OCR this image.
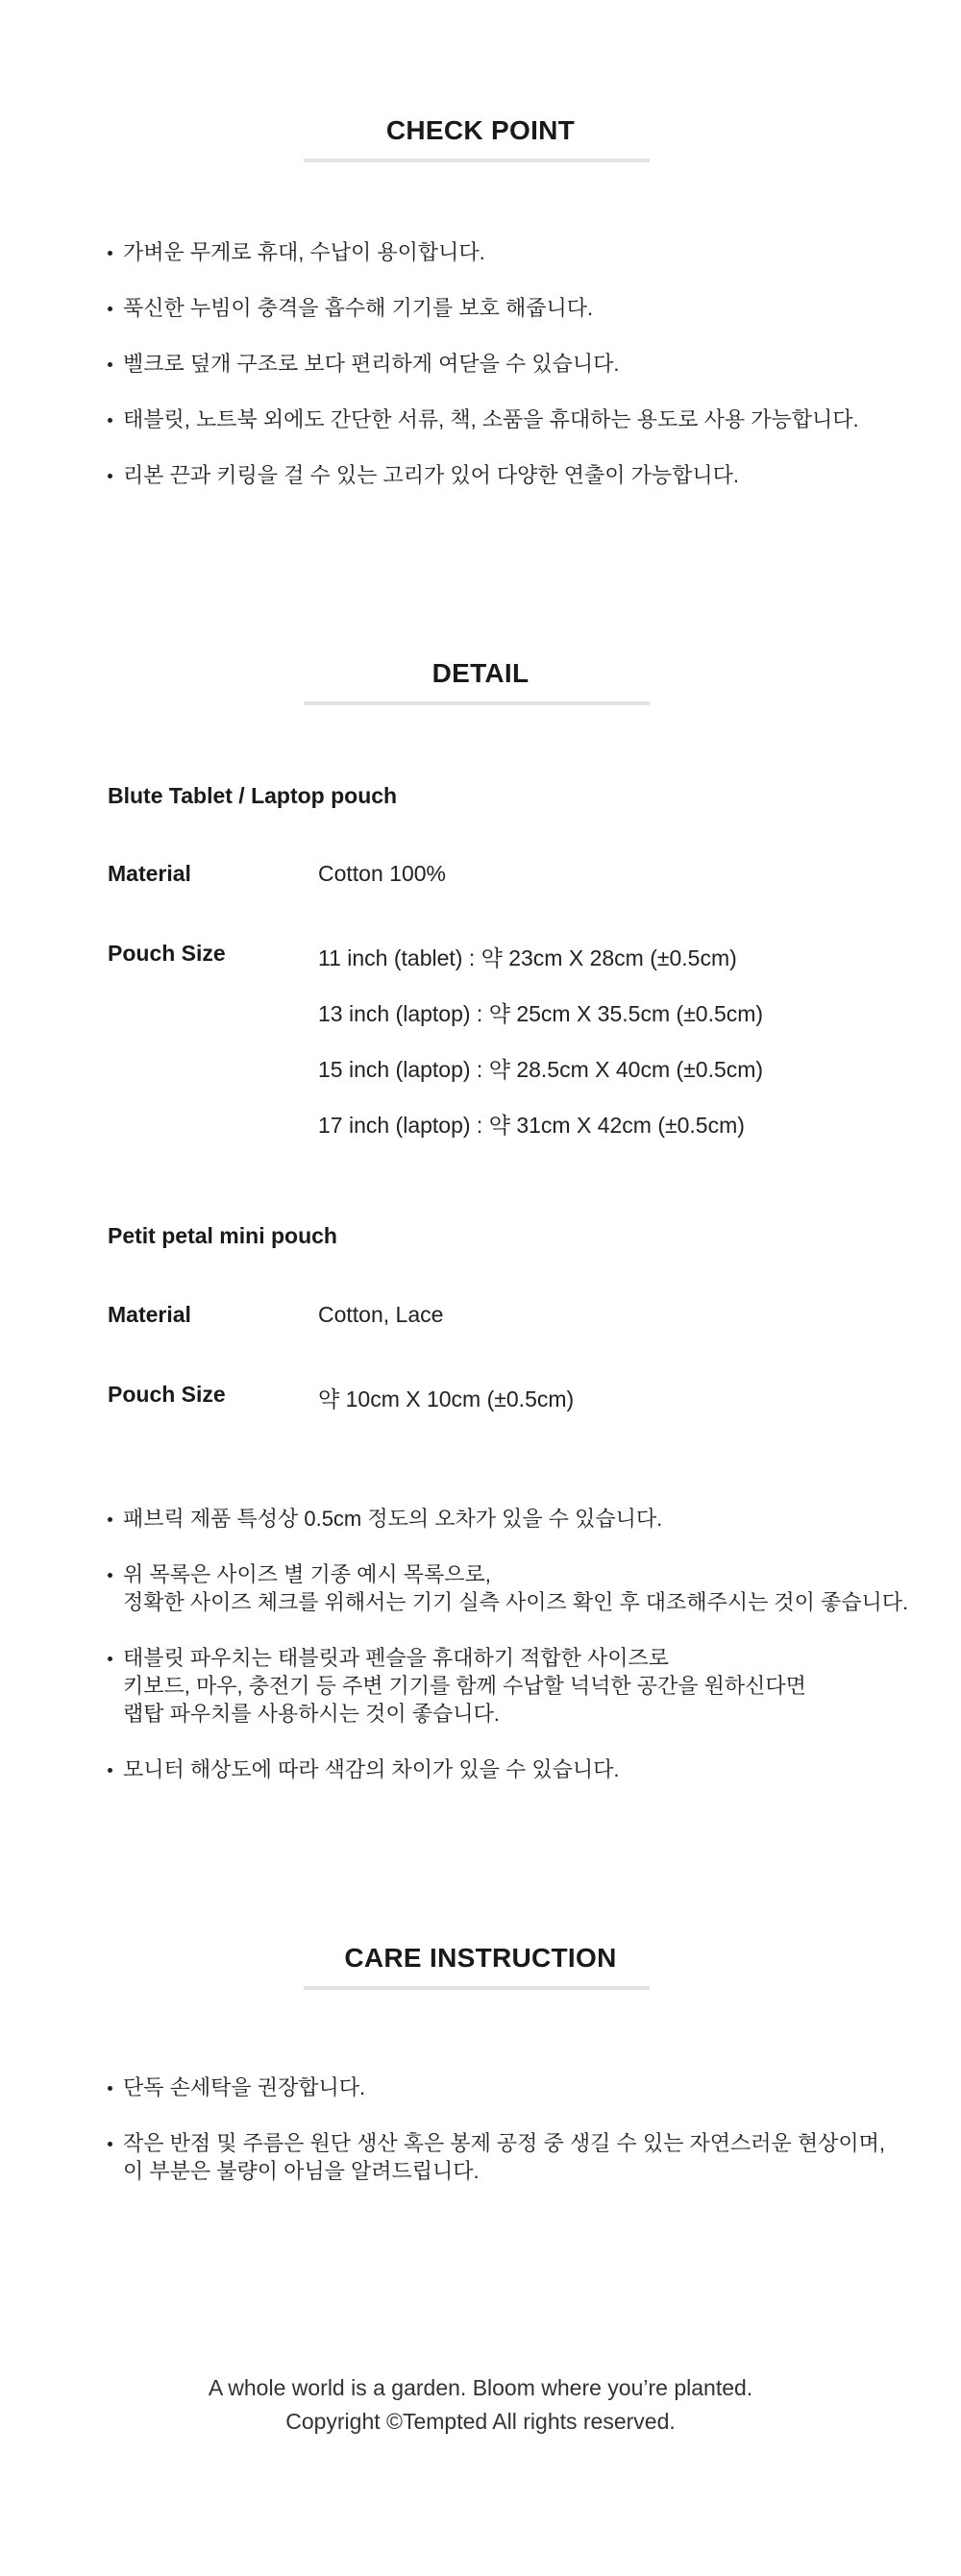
CHECK POINT
가벼운 무게로 휴대, 수납이 용이합니다.
푹신한 누빔이 충격을 흡수해 기기를 보호 해줍니다.
벨크로 덮개 구조로 보다 편리하게 여닫을 수 있습니다.
태블릿, 노트북 외에도 간단한 서류, 책, 소품을 휴대하는 용도로 사용 가능합니다.
리본 끈과 키링을 걸 수 있는 고리가 있어 다양한 연출이 가능합니다.
DETAIL
Blute Tablet / Laptop pouch
Material	Cotton 100%
Pouch Size	11 inch (tablet) : 약 23cm X 28cm (±0.5cm)
13 inch (laptop) : 약 25cm X 35.5cm (±0.5cm)
15 inch (laptop) : 약 28.5cm X 40cm (±0.5cm)
17 inch (laptop) : 약 31cm X 42cm (±0.5cm)
Petit petal mini pouch
Material	Cotton, Lace
Pouch Size	약 10cm X 10cm (±0.5cm)
패브릭 제품 특성상 0.5cm 정도의 오차가 있을 수 있습니다.
위 목록은 사이즈 별 기종 예시 목록으로,
정확한 사이즈 체크를 위해서는 기기 실측 사이즈 확인 후 대조해주시는 것이 좋습니다.
태블릿 파우치는 태블릿과 펜슬을 휴대하기 적합한 사이즈로
키보드, 마우, 충전기 등 주변 기기를 함께 수납할 넉넉한 공간을 원하신다면
랩탑 파우치를 사용하시는 것이 좋습니다.
모니터 해상도에 따라 색감의 차이가 있을 수 있습니다.
CARE INSTRUCTION
단독 손세탁을 권장합니다.
작은 반점 및 주름은 원단 생산 혹은 봉제 공정 중 생길 수 있는 자연스러운 현상이며,
이 부분은 불량이 아님을 알려드립니다.
A whole world is a garden. Bloom where you’re planted.
Copyright ©Tempted All rights reserved.
